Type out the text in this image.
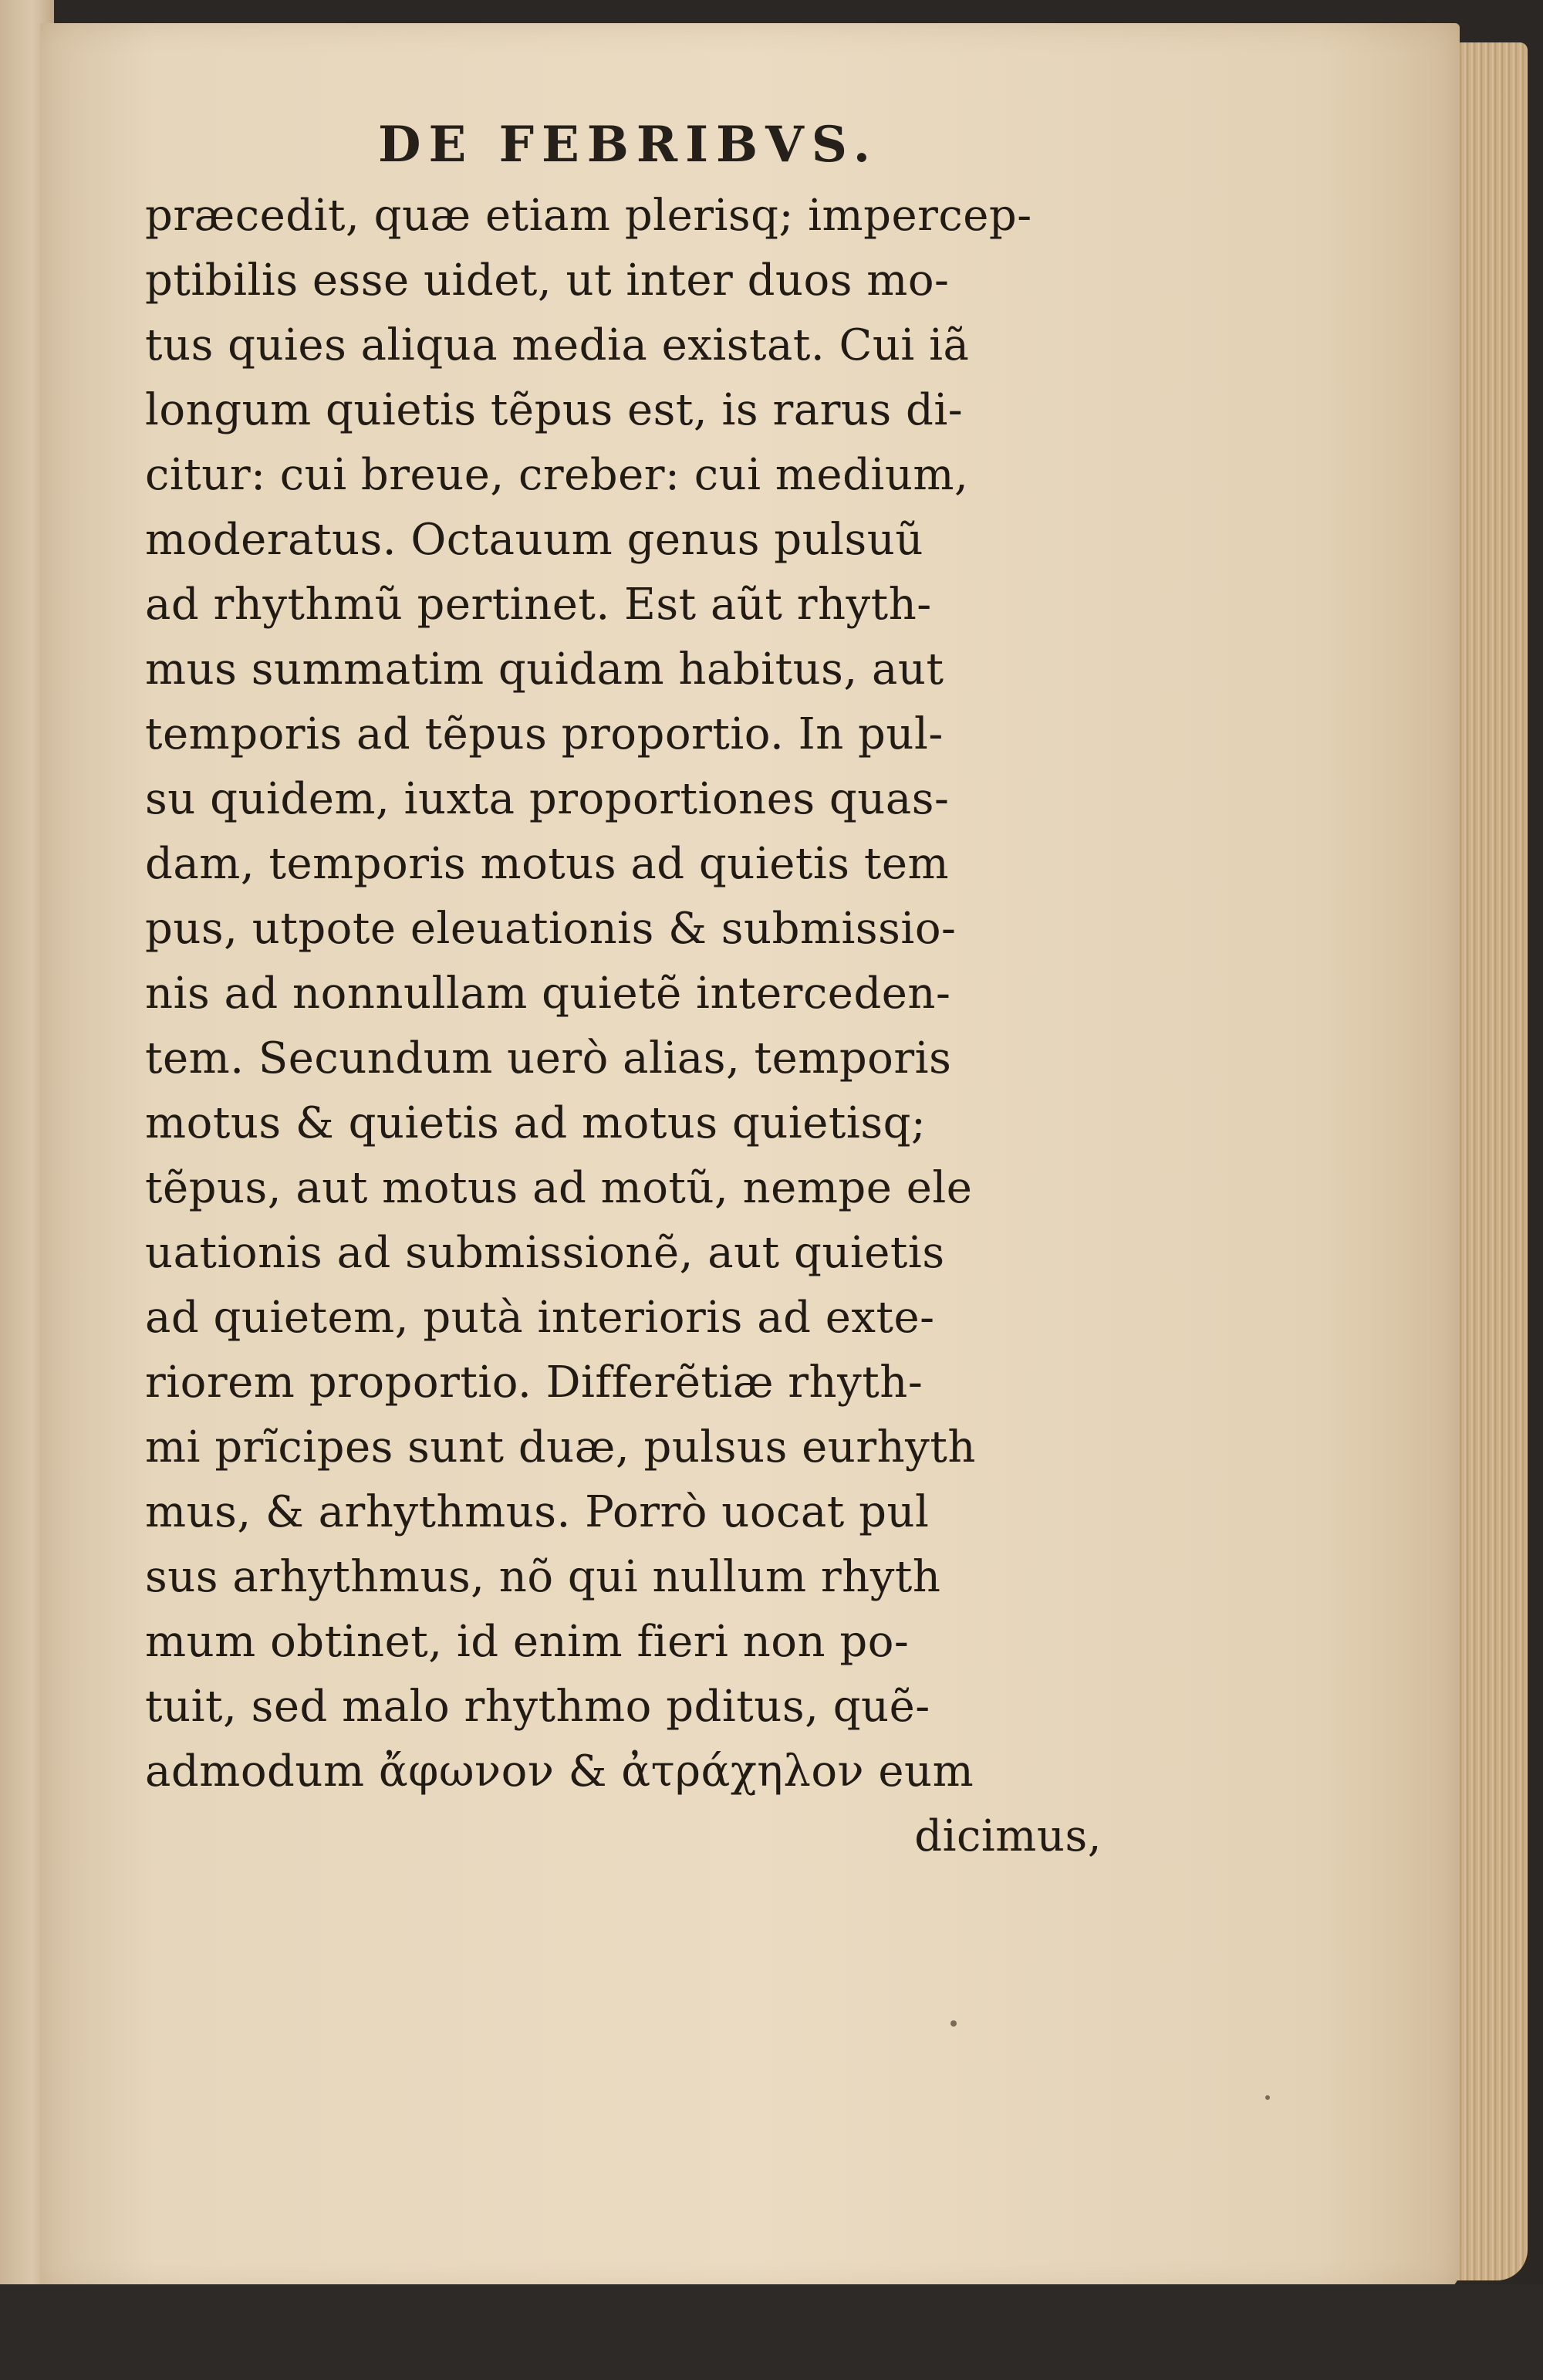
DE FEBRIBVS.
præcedit, quæ etiam plerisq; impercep-
ptibilis esse uidet, ut inter duos mo-
tus quies aliqua media existat. Cui iã
longum quietis tẽpus est, is rarus di-
citur: cui breue, creber: cui medium,
moderatus. Octauum genus pulsuũ
ad rhythmũ pertinet. Est aũt rhyth-
mus summatim quidam habitus, aut
temporis ad tẽpus proportio. In pul-
su quidem, iuxta proportiones quas-
dam, temporis motus ad quietis tem
pus, utpote eleuationis & submissio-
nis ad nonnullam quietẽ interceden-
tem. Secundum uerò alias, temporis
motus & quietis ad motus quietisq;
tẽpus, aut motus ad motũ, nempe ele
uationis ad submissionẽ, aut quietis
ad quietem, putà interioris ad exte-
riorem proportio. Differẽtiæ rhyth-
mi prĩcipes sunt duæ, pulsus eurhyth
mus, & arhythmus. Porrò uocat pul
sus arhythmus, nõ qui nullum rhyth
mum obtinet, id enim fieri non po-
tuit, sed malo rhythmo pditus, quẽ-
admodum ἄφωνον & ἀτράχηλον eum
dicimus,
